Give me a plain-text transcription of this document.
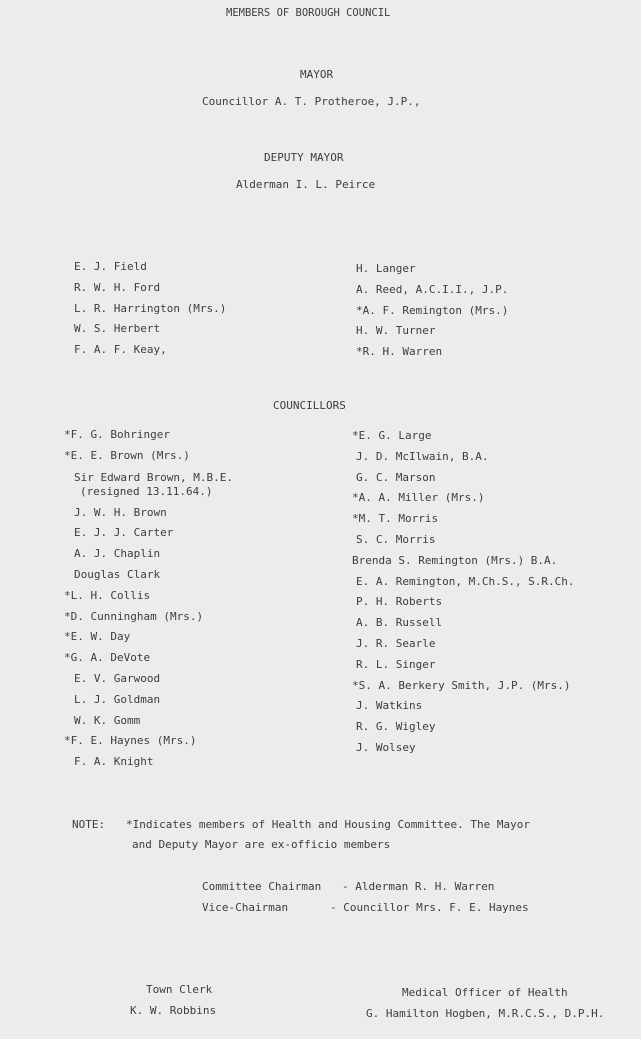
MEMBERS OF BOROUGH COUNCIL
MAYOR
Councillor A. T. Protheroe, J.P.,
DEPUTY MAYOR
Alderman I. L. Peirce
E. J. Field
R. W. H. Ford
L. R. Harrington (Mrs.)
W. S. Herbert
F. A. F. Keay,
H. Langer
A. Reed, A.C.I.I., J.P.
*A. F. Remington (Mrs.)
H. W. Turner
*R. H. Warren
COUNCILLORS
*F. G. Bohringer
*E. E. Brown (Mrs.)
Sir Edward Brown, M.B.E.
(resigned 13.11.64.)
J. W. H. Brown
E. J. J. Carter
A. J. Chaplin
Douglas Clark
*L. H. Collis
*D. Cunningham (Mrs.)
*E. W. Day
*G. A. DeVote
E. V. Garwood
L. J. Goldman
W. K. Gomm
*F. E. Haynes (Mrs.)
F. A. Knight
*E. G. Large
J. D. McIlwain, B.A.
G. C. Marson
*A. A. Miller (Mrs.)
*M. T. Morris
S. C. Morris
Brenda S. Remington (Mrs.) B.A.
E. A. Remington, M.Ch.S., S.R.Ch.
P. H. Roberts
A. B. Russell
J. R. Searle
R. L. Singer
*S. A. Berkery Smith, J.P. (Mrs.)
J. Watkins
R. G. Wigley
J. Wolsey
NOTE: *Indicates members of Health and Housing Committee. The Mayor
and Deputy Mayor are ex-officio members
Committee Chairman - Alderman R. H. Warren
Vice-Chairman	- Councillor Mrs. F. E. Haynes
Town Clerk
K. W. Robbins
Medical Officer of Health
G. Hamilton Hogben, M.R.C.S., D.P.H.
